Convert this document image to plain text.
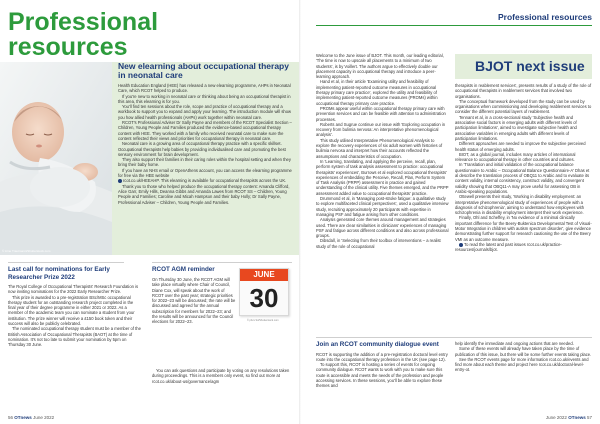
Professional
resources
© Arne Trautmann/Shutterstock.com
New elearning about occupational therapy in neonatal care

Health Education England (HEE) has released a new elearning programme, AHPs in Neonatal Care, which RCOT helped to produce.

If you're new to working in neonatal care or thinking about being an occupational therapist in this area, this elearning is for you.

You'll find ten sessions about the role, scope and practice of occupational therapy and a workbook to support you to expand and apply your learning. The introduction module will show you how allied health professionals (AHPs) work together within neonatal care.

RCOT's Professional Adviser Dr Sally Payne and members of the RCOT Specialist Section – Children, Young People and Families produced the evidence-based occupational therapy content with HEE. They worked with a family who received neonatal care to make sure the content reflected their views and priorities for occupational therapy in neonatal care.

Neonatal care is a growing area of occupational therapy practice with a specific skillset. Occupational therapists help babies by providing individualised care and promoting the best sensory environment for brain development.

They also support their families in their caring roles within the hospital setting and when they bring their baby home.

If you have an NHS email or OpenAthens account, you can access the elearning programme for free via the HEE website

rcot.co.uk/HEEAHP. This elearning is available for occupational therapists across the UK.

Thank you to those who helped produce the occupational therapy content: Amanda Clifford, Alice Garr, Emily Hills, Deanna Gibbs and Amanda Lawes from RCOT SS – Children, Young People and Families; Caroline and Micah Hampson and their baby Holly; Dr Sally Payne, Professional Adviser – Children, Young People and Families.

Last call for nominations for Early Researcher Prize 2022

The Royal College of Occupational Therapists' Research Foundation is now inviting nominations for the 2022 Early Researcher Prize.

This prize is awarded to a pre-registration BSc/MSc occupational therapy student for an outstanding research project completed in the final year of their degree programme in either 2021 or 2022. As a member of the academic team you can nominate a student from your institution. The prize winner will receive a £150 book token and their success will also be publicly celebrated.

The nominated occupational therapy student must be a member of the British Association of Occupational Therapists (BAOT) at the time of nomination. It's not too late to submit your nomination by 5pm on Thursday 30 June.

RCOT AGM reminder

On Thursday 30 June, the RCOT AGM will take place virtually where Chair of Council, Diane Cox, will speak about the work of RCOT over the past year; strategic priorities for 2022–23 will be discussed; the rate will be discussed and agreed for the annual subscription for members for 2022–23; and the results will be announced for the Council elections for 2022–23.

You can ask questions and participate by voting on any resolutions taken during proceedings. This is a members only event, so find out more at rcot.co.uk/about-us/governance/agm

JUNE
30
© pbcs Sd/Shutterstock.com
56 OTnews June 2022
Professional resources
BJOT next issue

Welcome to the June issue of BJOT. This month, our leading editorial, 'The time is now to upscale all placements to a minimum of two students', is by Voillert. The authors argue to effectively double our placement capacity in occupational therapy and introduce a peer-learning approach.

Hand et al, in their article 'Examining utility and feasibility of implementing patient-reported outcome measures in occupational therapy primary care practice', explored the utility and feasibility of implementing patient-reported outcome measures (PROMs) within occupational therapy primary care practice.

PROMs appear useful within occupational therapy primary care with prevention services and can be feasible with attention to administration processes.

Roberts and Sugrue continue our issue with 'Exploring occupation in recovery from bulimia nervosa: An interpretative phenomenological analysis'.

This study utilised Interpretative Phenomenological Analysis to explore the recovery experiences of six adult women with histories of bulimia nervosa and interpret how their accounts reflected the assumptions and characteristics of occupation.

In 'Learning, translating, and applying the perceive, recall, plan, perform system of task analysis assessment to practice: occupational therapists' experiences', Burrows et al explored occupational therapists' experiences of embedding the Perceive, Recall, Plan, Perform System of Task Analysis (PRPP) assessment in practice and gained understanding of the clinical utility. Five themes emerged, and the PRPP assessment added value to occupational therapists' practice.

Drummond et al, in 'Managing post-stroke fatigue: a qualitative study to explore multifaceted clinical perspectives', used a qualitative interview study, recruiting approximately 20 participants with expertise in managing PSF and fatigue arising from other conditions.

Analysis generated core themes around management and strategies used. There are clear similarities in clinicians' experiences of managing PSF and fatigue across different conditions and also across professional groups.

Dibsdall, in 'Selecting from their toolbox of interventions – a realist study of the role of occupational

therapists in reablement services', presents results of a study of the role of occupational therapists in reablement services that involved two organisations.

The conceptual framework developed from the study can be used by organisations when commissioning and developing reablement services to consider the different potential layers of reablement.

Tennant et al, in a cross-sectional study 'Subjective health and associative social factors in emerging adults with different levels of participation limitations', aimed to investigate subjective health and associative variables in emerging adults with different levels of participation limitations.

Different approaches are needed to improve the subjective perceived health status of emerging adults.

BIOT, as a global journal, includes many articles of international relevance to occupational therapy in other countries and cultures.

In 'Translation and initial validation of the occupational balance questionnaire to Arabic – Occupational Balance Questionnaire-A' Dhas et al describe the translation process of OBQ11 to Arabic and to evaluate its content validity, internal consistency, construct validity, and convergent validity showing that OBQ11-A may prove useful for assessing OB in Arabic-speaking populations.

Ottewell presents their study, 'Working in disability employment: an interpretative phenomenological study of experiences of people with a diagnosis of schizophrenia', aiming to understand how employees with schizophrenia in disability employment interpret their work experience.

Finally, Ohl and Scheffey, in 'No evidence of a minimal clinically important difference for the Beery-Buktenica Developmental Test of Visual-Motor Integration in children with autism spectrum disorder', give evidence demonstrating further support for research cautioning the use of the Beery VMI as an outcome measure.

To read the latest and past issues rcot.co.uk/practice-resources/journals/bjot.

Join an RCOT community dialogue event

RCOT is supporting the addition of a pre-registration doctoral level entry route into the occupational therapy profession in the UK (see page 12).

To support this, RCOT is hosting a series of events for ongoing community dialogue. RCOT wants to work with you to make sure this route is accessible and meets the needs of the profession and people accessing services. In these sessions, you'll be able to explore these themes and

help identify the immediate and ongoing actions that are needed.

Some of these events will already have taken place by the time of publication of this issue, but there will be some further events taking place.

See the RCOT events page for more information rcot.co.uk/events and find more about each theme and project here rcot.co.uk/doctoral-level-entry-ot.

June 2022 OTnews 57
